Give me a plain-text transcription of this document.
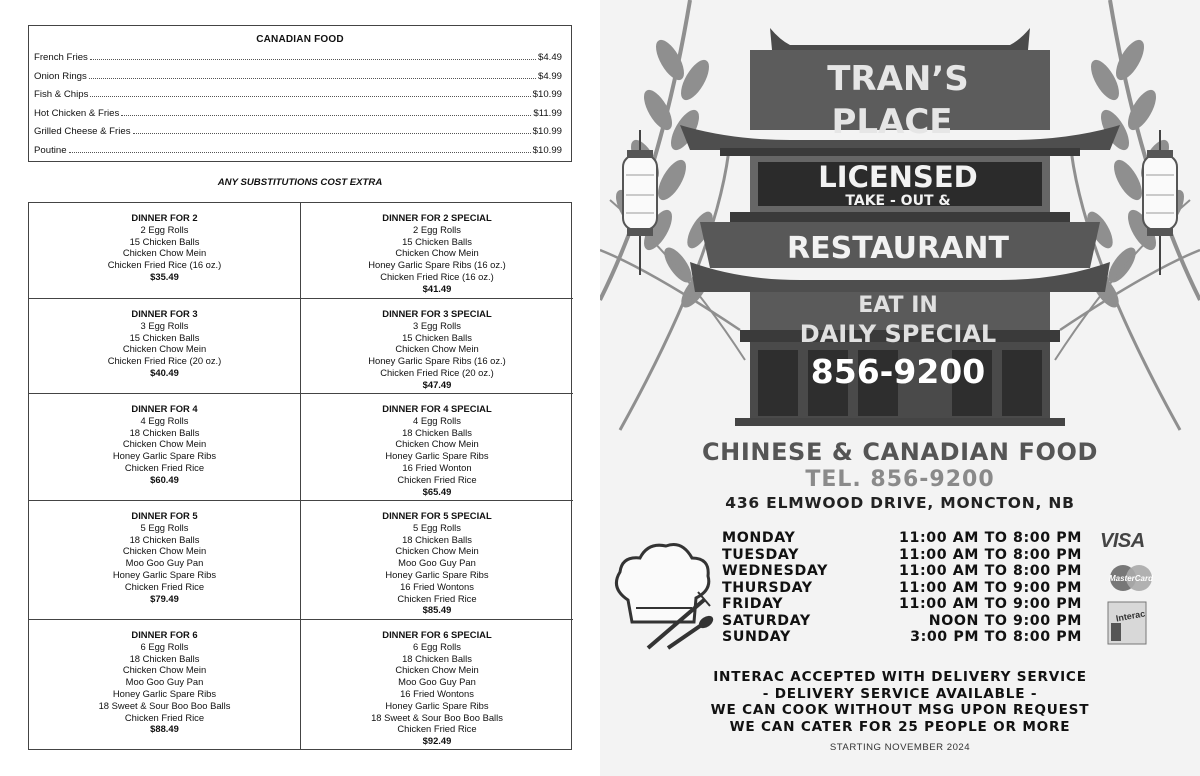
CANADIAN FOOD
French Fries	$4.49
Onion Rings	$4.99
Fish & Chips	$10.99
Hot Chicken & Fries	$11.99
Grilled Cheese & Fries	$10.99
Poutine	$10.99
ANY SUBSTITUTIONS COST EXTRA
DINNER FOR 2
2 Egg Rolls
15 Chicken Balls
Chicken Chow Mein
Chicken Fried Rice (16 oz.)
$35.49
DINNER FOR 2 SPECIAL
2 Egg Rolls
15 Chicken Balls
Chicken Chow Mein
Honey Garlic Spare Ribs (16 oz.)
Chicken Fried Rice (16 oz.)
$41.49
DINNER FOR 3
3 Egg Rolls
15 Chicken Balls
Chicken Chow Mein
Chicken Fried Rice (20 oz.)
$40.49
DINNER FOR 3 SPECIAL
3 Egg Rolls
15 Chicken Balls
Chicken Chow Mein
Honey Garlic Spare Ribs (16 oz.)
Chicken Fried Rice (20 oz.)
$47.49
DINNER FOR 4
4 Egg Rolls
18 Chicken Balls
Chicken Chow Mein
Honey Garlic Spare Ribs
Chicken Fried Rice
$60.49
DINNER FOR 4 SPECIAL
4 Egg Rolls
18 Chicken Balls
Chicken Chow Mein
Honey Garlic Spare Ribs
16 Fried Wonton
Chicken Fried Rice
$65.49
DINNER FOR 5
5 Egg Rolls
18 Chicken Balls
Chicken Chow Mein
Moo Goo Guy Pan
Honey Garlic Spare Ribs
Chicken Fried Rice
$79.49
DINNER FOR 5 SPECIAL
5 Egg Rolls
18 Chicken Balls
Chicken Chow Mein
Moo Goo Guy Pan
Honey Garlic Spare Ribs
16 Fried Wontons
Chicken Fried Rice
$85.49
DINNER FOR 6
6 Egg Rolls
18 Chicken Balls
Chicken Chow Mein
Moo Goo Guy Pan
Honey Garlic Spare Ribs
18 Sweet & Sour Boo Boo Balls
Chicken Fried Rice
$88.49
DINNER FOR 6 SPECIAL
6 Egg Rolls
18 Chicken Balls
Chicken Chow Mein
Moo Goo Guy Pan
16 Fried Wontons
Honey Garlic Spare Ribs
18 Sweet & Sour Boo Boo Balls
Chicken Fried Rice
$92.49
TRAN’S
PLACE
LICENSED
TAKE - OUT &
RESTAURANT
EAT IN
DAILY SPECIAL
856-9200
CHINESE & CANADIAN FOOD
TEL. 856-9200
436 ELMWOOD DRIVE, MONCTON, NB
MONDAY	11:00 AM TO 8:00 PM
TUESDAY	11:00 AM TO 8:00 PM
WEDNESDAY	11:00 AM TO 8:00 PM
THURSDAY	11:00 AM TO 9:00 PM
FRIDAY	11:00 AM TO 9:00 PM
SATURDAY	NOON TO 9:00 PM
SUNDAY	3:00 PM TO 8:00 PM
VISA
MasterCard
Interac
INTERAC ACCEPTED WITH DELIVERY SERVICE
- DELIVERY SERVICE AVAILABLE -
WE CAN COOK WITHOUT MSG UPON REQUEST
WE CAN CATER FOR 25 PEOPLE OR MORE
STARTING NOVEMBER 2024
